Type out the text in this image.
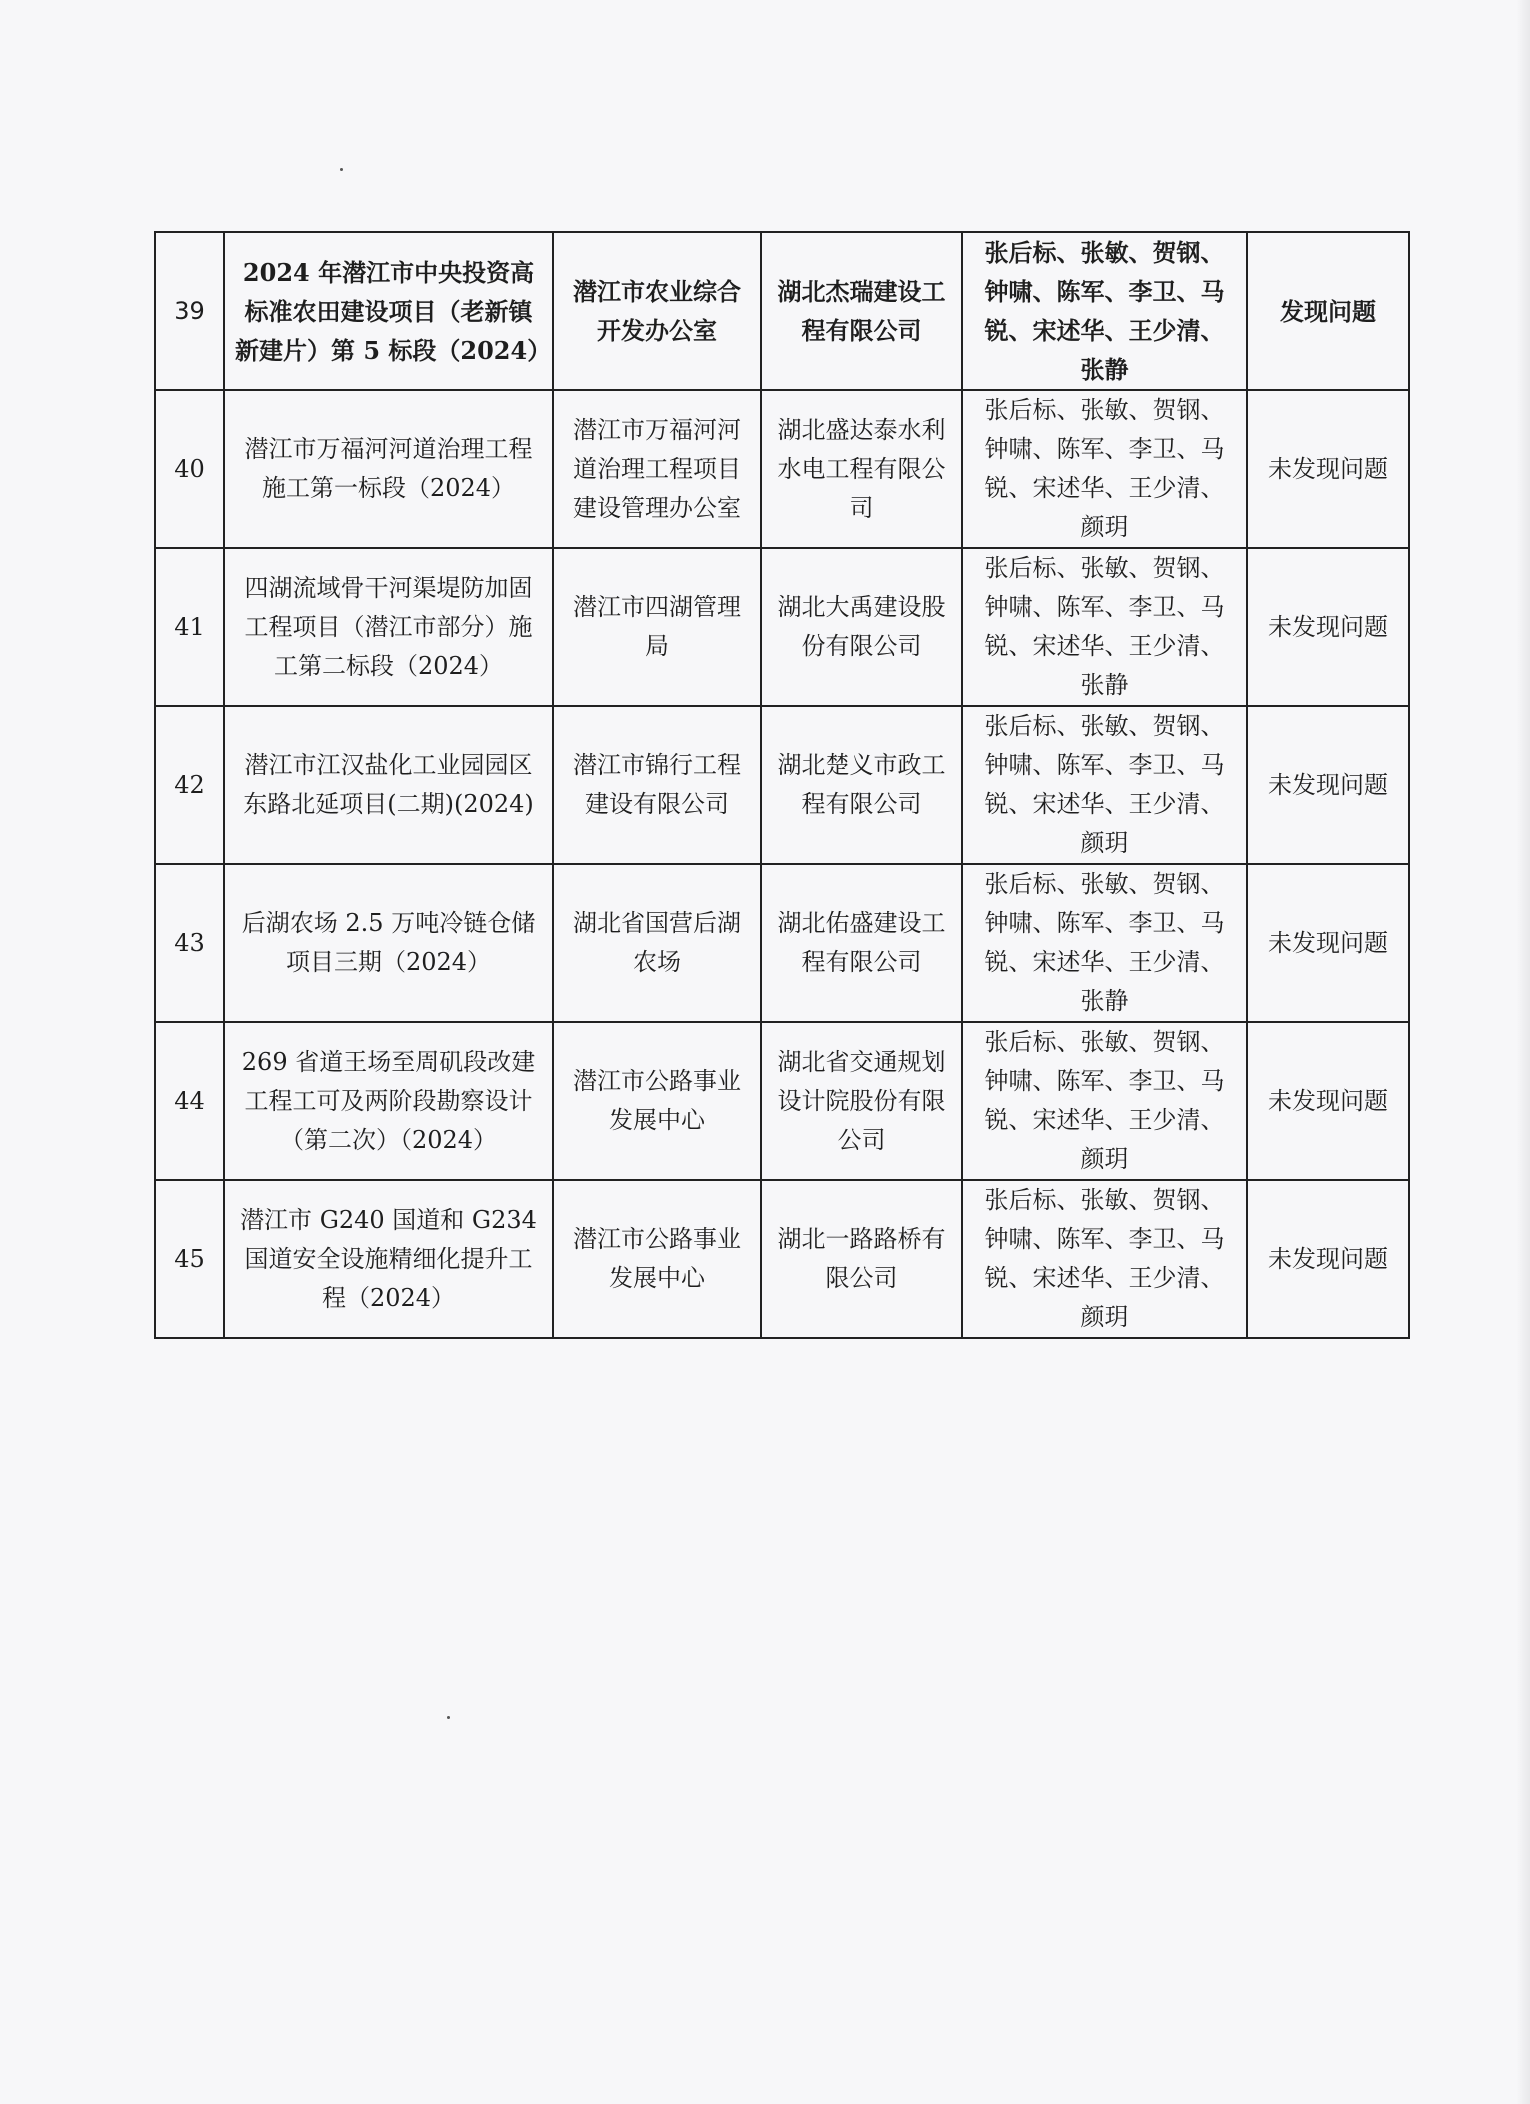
39	2024 年潜江市中央投资高标准农田建设项目（老新镇新建片）第 5 标段（2024）	潜江市农业综合开发办公室	湖北杰瑞建设工程有限公司	张后标、张敏、贺钢、钟啸、陈军、李卫、马锐、宋述华、王少清、张静	发现问题
40	潜江市万福河河道治理工程施工第一标段（2024）	潜江市万福河河道治理工程项目建设管理办公室	湖北盛达泰水利水电工程有限公司	张后标、张敏、贺钢、钟啸、陈军、李卫、马锐、宋述华、王少清、颜玥	未发现问题
41	四湖流域骨干河渠堤防加固工程项目（潜江市部分）施工第二标段（2024）	潜江市四湖管理局	湖北大禹建设股份有限公司	张后标、张敏、贺钢、钟啸、陈军、李卫、马锐、宋述华、王少清、张静	未发现问题
42	潜江市江汉盐化工业园园区东路北延项目(二期)(2024)	潜江市锦行工程建设有限公司	湖北楚义市政工程有限公司	张后标、张敏、贺钢、钟啸、陈军、李卫、马锐、宋述华、王少清、颜玥	未发现问题
43	后湖农场 2.5 万吨冷链仓储项目三期（2024）	湖北省国营后湖农场	湖北佑盛建设工程有限公司	张后标、张敏、贺钢、钟啸、陈军、李卫、马锐、宋述华、王少清、张静	未发现问题
44	269 省道王场至周矶段改建工程工可及两阶段勘察设计（第二次）（2024）	潜江市公路事业发展中心	湖北省交通规划设计院股份有限公司	张后标、张敏、贺钢、钟啸、陈军、李卫、马锐、宋述华、王少清、颜玥	未发现问题
45	潜江市 G240 国道和 G234 国道安全设施精细化提升工程（2024）	潜江市公路事业发展中心	湖北一路路桥有限公司	张后标、张敏、贺钢、钟啸、陈军、李卫、马锐、宋述华、王少清、颜玥	未发现问题
